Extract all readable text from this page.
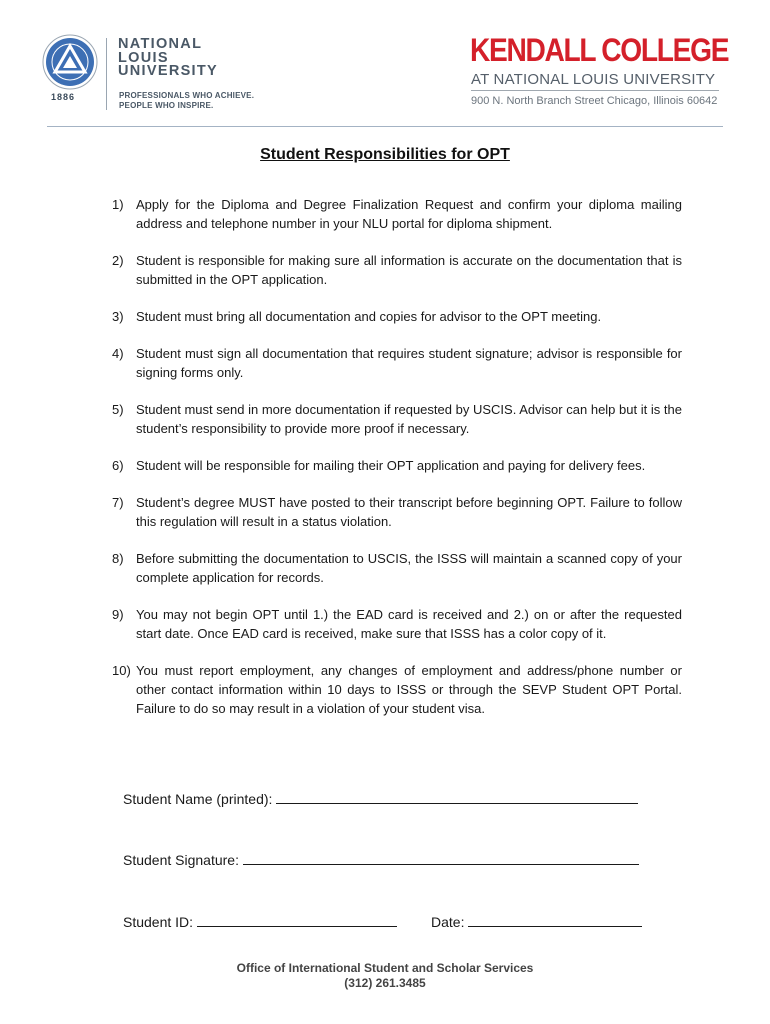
1886
NATIONAL
LOUIS
UNIVERSITY
PROFESSIONALS WHO ACHIEVE.
PEOPLE WHO INSPIRE.
KENDALL COLLEGE
AT NATIONAL LOUIS UNIVERSITY
900 N. North Branch Street Chicago, Illinois 60642
Student Responsibilities for OPT
1) Apply for the Diploma and Degree Finalization Request and confirm your diploma mailing address and telephone number in your NLU portal for diploma shipment.
2) Student is responsible for making sure all information is accurate on the documentation that is submitted in the OPT application.
3) Student must bring all documentation and copies for advisor to the OPT meeting.
4) Student must sign all documentation that requires student signature; advisor is responsible for signing forms only.
5) Student must send in more documentation if requested by USCIS. Advisor can help but it is the student’s responsibility to provide more proof if necessary.
6) Student will be responsible for mailing their OPT application and paying for delivery fees.
7) Student’s degree MUST have posted to their transcript before beginning OPT. Failure to follow this regulation will result in a status violation.
8) Before submitting the documentation to USCIS, the ISSS will maintain a scanned copy of your complete application for records.
9) You may not begin OPT until 1.) the EAD card is received and 2.) on or after the requested start date. Once EAD card is received, make sure that ISSS has a color copy of it.
10) You must report employment, any changes of employment and address/phone number or other contact information within 10 days to ISSS or through the SEVP Student OPT Portal. Failure to do so may result in a violation of your student visa.
Student Name (printed):
Student Signature:
Student ID:	Date:
Office of International Student and Scholar Services
(312) 261.3485
